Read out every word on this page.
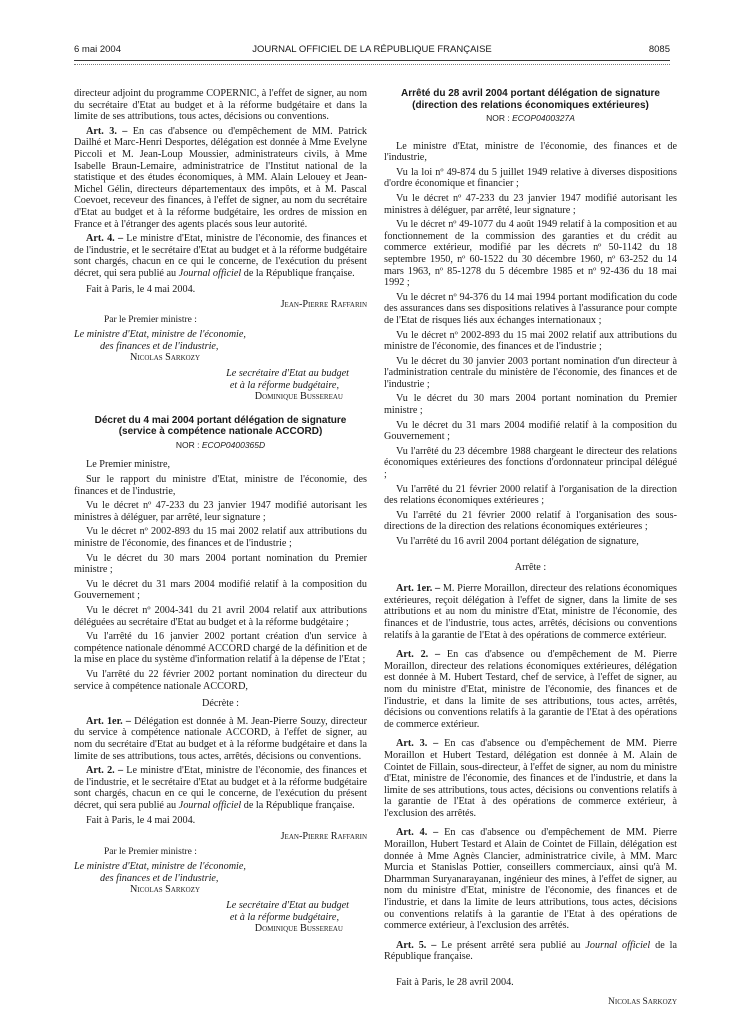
6 mai 2004	JOURNAL OFFICIEL DE LA RÉPUBLIQUE FRANÇAISE	8085

directeur adjoint du programme COPERNIC, à l'effet de signer, au nom du secrétaire d'Etat au budget et à la réforme budgétaire et dans la limite de ses attributions, tous actes, décisions ou conventions.

Art. 3. – En cas d'absence ou d'empêchement de MM. Patrick Dailhé et Marc-Henri Desportes, délégation est donnée à Mme Evelyne Piccoli et M. Jean-Loup Moussier, administrateurs civils, à Mme Isabelle Braun-Lemaire, administratrice de l'Institut national de la statistique et des études économiques, à MM. Alain Lelouey et Jean-Michel Gélin, directeurs départementaux des impôts, et à M. Pascal Coevoet, receveur des finances, à l'effet de signer, au nom du secrétaire d'Etat au budget et à la réforme budgétaire, les ordres de mission en France et à l'étranger des agents placés sous leur autorité.

Art. 4. – Le ministre d'Etat, ministre de l'économie, des finances et de l'industrie, et le secrétaire d'Etat au budget et à la réforme budgétaire sont chargés, chacun en ce qui le concerne, de l'exécution du présent décret, qui sera publié au Journal officiel de la République française.

Fait à Paris, le 4 mai 2004.

Jean-Pierre Raffarin

Par le Premier ministre :

Le ministre d'Etat, ministre de l'économie,

des finances et de l'industrie,

Nicolas Sarkozy

Le secrétaire d'Etat au budget

et à la réforme budgétaire,

Dominique Bussereau

Décret du 4 mai 2004 portant délégation de signature
(service à compétence nationale ACCORD)

NOR : ECOP0400365D

Le Premier ministre,

Sur le rapport du ministre d'Etat, ministre de l'économie, des finances et de l'industrie,

Vu le décret nº 47-233 du 23 janvier 1947 modifié autorisant les ministres à déléguer, par arrêté, leur signature ;

Vu le décret nº 2002-893 du 15 mai 2002 relatif aux attributions du ministre de l'économie, des finances et de l'industrie ;

Vu le décret du 30 mars 2004 portant nomination du Premier ministre ;

Vu le décret du 31 mars 2004 modifié relatif à la composition du Gouvernement ;

Vu le décret nº 2004-341 du 21 avril 2004 relatif aux attributions déléguées au secrétaire d'Etat au budget et à la réforme budgétaire ;

Vu l'arrêté du 16 janvier 2002 portant création d'un service à compétence nationale dénommé ACCORD chargé de la définition et de la mise en place du système d'information relatif à la dépense de l'Etat ;

Vu l'arrêté du 22 février 2002 portant nomination du directeur du service à compétence nationale ACCORD,

Décrète :

Art. 1er. – Délégation est donnée à M. Jean-Pierre Souzy, directeur du service à compétence nationale ACCORD, à l'effet de signer, au nom du secrétaire d'Etat au budget et à la réforme budgétaire et dans la limite de ses attributions, tous actes, arrêtés, décisions ou conventions.

Art. 2. – Le ministre d'Etat, ministre de l'économie, des finances et de l'industrie, et le secrétaire d'Etat au budget et à la réforme budgétaire sont chargés, chacun en ce qui le concerne, de l'exécution du présent décret, qui sera publié au Journal officiel de la République française.

Fait à Paris, le 4 mai 2004.

Jean-Pierre Raffarin

Par le Premier ministre :

Le ministre d'Etat, ministre de l'économie,

des finances et de l'industrie,

Nicolas Sarkozy

Le secrétaire d'Etat au budget

et à la réforme budgétaire,

Dominique Bussereau

Arrêté du 28 avril 2004 portant délégation de signature
(direction des relations économiques extérieures)

NOR : ECOP0400327A

Le ministre d'Etat, ministre de l'économie, des finances et de l'industrie,

Vu la loi nº 49-874 du 5 juillet 1949 relative à diverses dispositions d'ordre économique et financier ;

Vu le décret nº 47-233 du 23 janvier 1947 modifié autorisant les ministres à déléguer, par arrêté, leur signature ;

Vu le décret nº 49-1077 du 4 août 1949 relatif à la composition et au fonctionnement de la commission des garanties et du crédit au commerce extérieur, modifié par les décrets nº 50-1142 du 18 septembre 1950, nº 60-1522 du 30 décembre 1960, nº 63-252 du 14 mars 1963, nº 85-1278 du 5 décembre 1985 et nº 92-436 du 18 mai 1992 ;

Vu le décret nº 94-376 du 14 mai 1994 portant modification du code des assurances dans ses dispositions relatives à l'assurance pour compte de l'Etat de risques liés aux échanges internationaux ;

Vu le décret nº 2002-893 du 15 mai 2002 relatif aux attributions du ministre de l'économie, des finances et de l'industrie ;

Vu le décret du 30 janvier 2003 portant nomination d'un directeur à l'administration centrale du ministère de l'économie, des finances et de l'industrie ;

Vu le décret du 30 mars 2004 portant nomination du Premier ministre ;

Vu le décret du 31 mars 2004 modifié relatif à la composition du Gouvernement ;

Vu l'arrêté du 23 décembre 1988 chargeant le directeur des relations économiques extérieures des fonctions d'ordonnateur principal délégué ;

Vu l'arrêté du 21 février 2000 relatif à l'organisation de la direction des relations économiques extérieures ;

Vu l'arrêté du 21 février 2000 relatif à l'organisation des sous-directions de la direction des relations économiques extérieures ;

Vu l'arrêté du 16 avril 2004 portant délégation de signature,

Arrête :

Art. 1er. – M. Pierre Moraillon, directeur des relations économiques extérieures, reçoit délégation à l'effet de signer, dans la limite de ses attributions et au nom du ministre d'Etat, ministre de l'économie, des finances et de l'industrie, tous actes, arrêtés, décisions ou conventions relatifs à la garantie de l'Etat à des opérations de commerce extérieur.

Art. 2. – En cas d'absence ou d'empêchement de M. Pierre Moraillon, directeur des relations économiques extérieures, délégation est donnée à M. Hubert Testard, chef de service, à l'effet de signer, au nom du ministre d'Etat, ministre de l'économie, des finances et de l'industrie, et dans la limite de ses attributions, tous actes, arrêtés, décisions ou conventions relatifs à la garantie de l'Etat à des opérations de commerce extérieur.

Art. 3. – En cas d'absence ou d'empêchement de MM. Pierre Moraillon et Hubert Testard, délégation est donnée à M. Alain de Cointet de Fillain, sous-directeur, à l'effet de signer, au nom du ministre d'Etat, ministre de l'économie, des finances et de l'industrie, et dans la limite de ses attributions, tous actes, décisions ou conventions relatifs à la garantie de l'Etat à des opérations de commerce extérieur, à l'exclusion des arrêtés.

Art. 4. – En cas d'absence ou d'empêchement de MM. Pierre Moraillon, Hubert Testard et Alain de Cointet de Fillain, délégation est donnée à Mme Agnès Clancier, administratrice civile, à MM. Marc Murcia et Stanislas Pottier, conseillers commerciaux, ainsi qu'à M. Dharmman Suryanarayanan, ingénieur des mines, à l'effet de signer, au nom du ministre d'Etat, ministre de l'économie, des finances et de l'industrie, et dans la limite de leurs attributions, tous actes, décisions ou conventions relatifs à la garantie de l'Etat à des opérations de commerce extérieur, à l'exclusion des arrêtés.

Art. 5. – Le présent arrêté sera publié au Journal officiel de la République française.

Fait à Paris, le 28 avril 2004.

Nicolas Sarkozy
